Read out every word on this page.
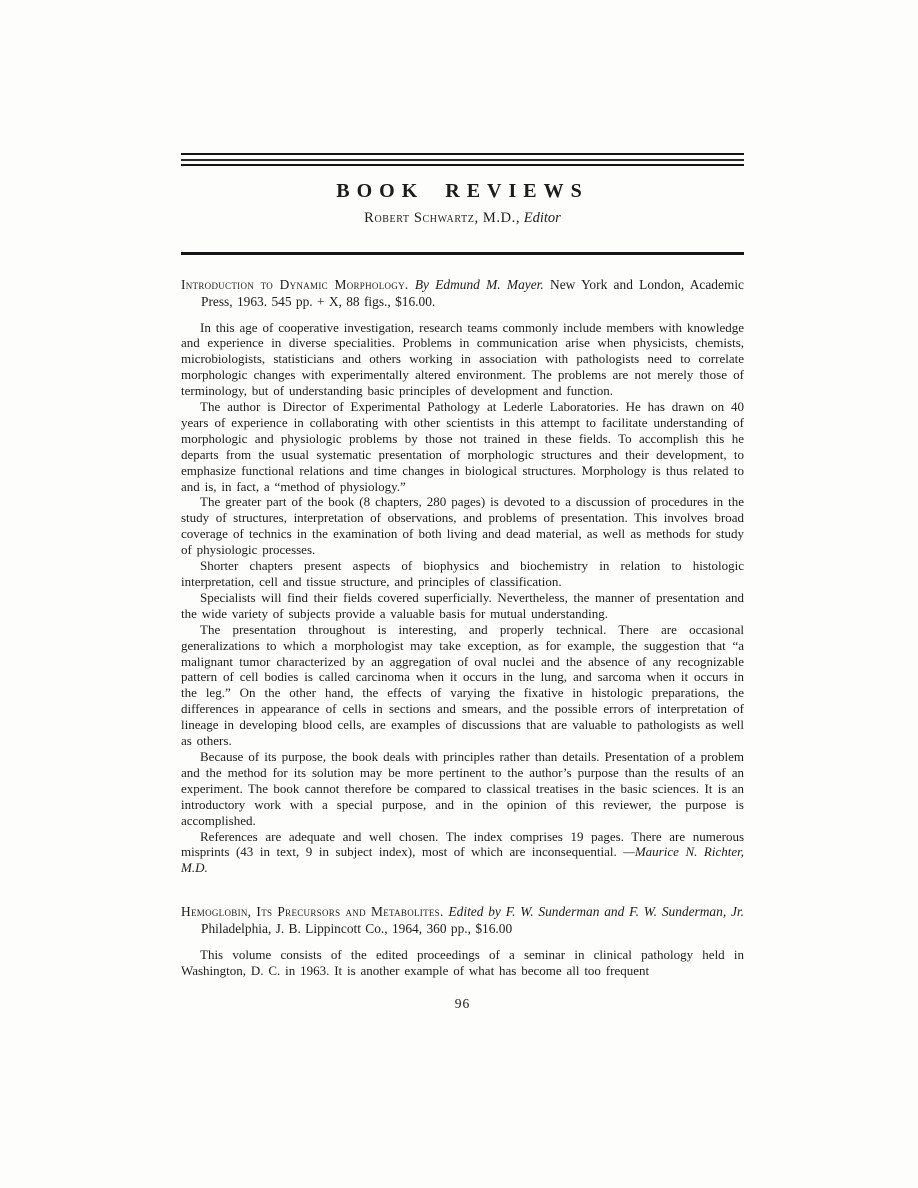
BOOK REVIEWS
Robert Schwartz, M.D., Editor
Introduction to Dynamic Morphology. By Edmund M. Mayer. New York and London, Academic Press, 1963. 545 pp. + X, 88 figs., $16.00.

In this age of cooperative investigation, research teams commonly include members with knowledge and experience in diverse specialities. Problems in communication arise when physicists, chemists, microbiologists, statisticians and others working in association with pathologists need to correlate morphologic changes with experimentally altered environment. The problems are not merely those of terminology, but of understanding basic principles of development and function.

The author is Director of Experimental Pathology at Lederle Laboratories. He has drawn on 40 years of experience in collaborating with other scientists in this attempt to facilitate understanding of morphologic and physiologic problems by those not trained in these fields. To accomplish this he departs from the usual systematic presentation of morphologic structures and their development, to emphasize functional relations and time changes in biological structures. Morphology is thus related to and is, in fact, a “method of physiology.”

The greater part of the book (8 chapters, 280 pages) is devoted to a discussion of procedures in the study of structures, interpretation of observations, and problems of presentation. This involves broad coverage of technics in the examination of both living and dead material, as well as methods for study of physiologic processes.

Shorter chapters present aspects of biophysics and biochemistry in relation to histologic interpretation, cell and tissue structure, and principles of classification.

Specialists will find their fields covered superficially. Nevertheless, the manner of presentation and the wide variety of subjects provide a valuable basis for mutual understanding.

The presentation throughout is interesting, and properly technical. There are occasional generalizations to which a morphologist may take exception, as for example, the suggestion that “a malignant tumor characterized by an aggregation of oval nuclei and the absence of any recognizable pattern of cell bodies is called carcinoma when it occurs in the lung, and sarcoma when it occurs in the leg.” On the other hand, the effects of varying the fixative in histologic preparations, the differences in appearance of cells in sections and smears, and the possible errors of interpretation of lineage in developing blood cells, are examples of discussions that are valuable to pathologists as well as others.

Because of its purpose, the book deals with principles rather than details. Presentation of a problem and the method for its solution may be more pertinent to the author’s purpose than the results of an experiment. The book cannot therefore be compared to classical treatises in the basic sciences. It is an introductory work with a special purpose, and in the opinion of this reviewer, the purpose is accomplished.

References are adequate and well chosen. The index comprises 19 pages. There are numerous misprints (43 in text, 9 in subject index), most of which are inconsequential. —Maurice N. Richter, M.D.

Hemoglobin, Its Precursors and Metabolites. Edited by F. W. Sunderman and F. W. Sunderman, Jr. Philadelphia, J. B. Lippincott Co., 1964, 360 pp., $16.00

This volume consists of the edited proceedings of a seminar in clinical pathology held in Washington, D. C. in 1963. It is another example of what has become all too frequent

96
